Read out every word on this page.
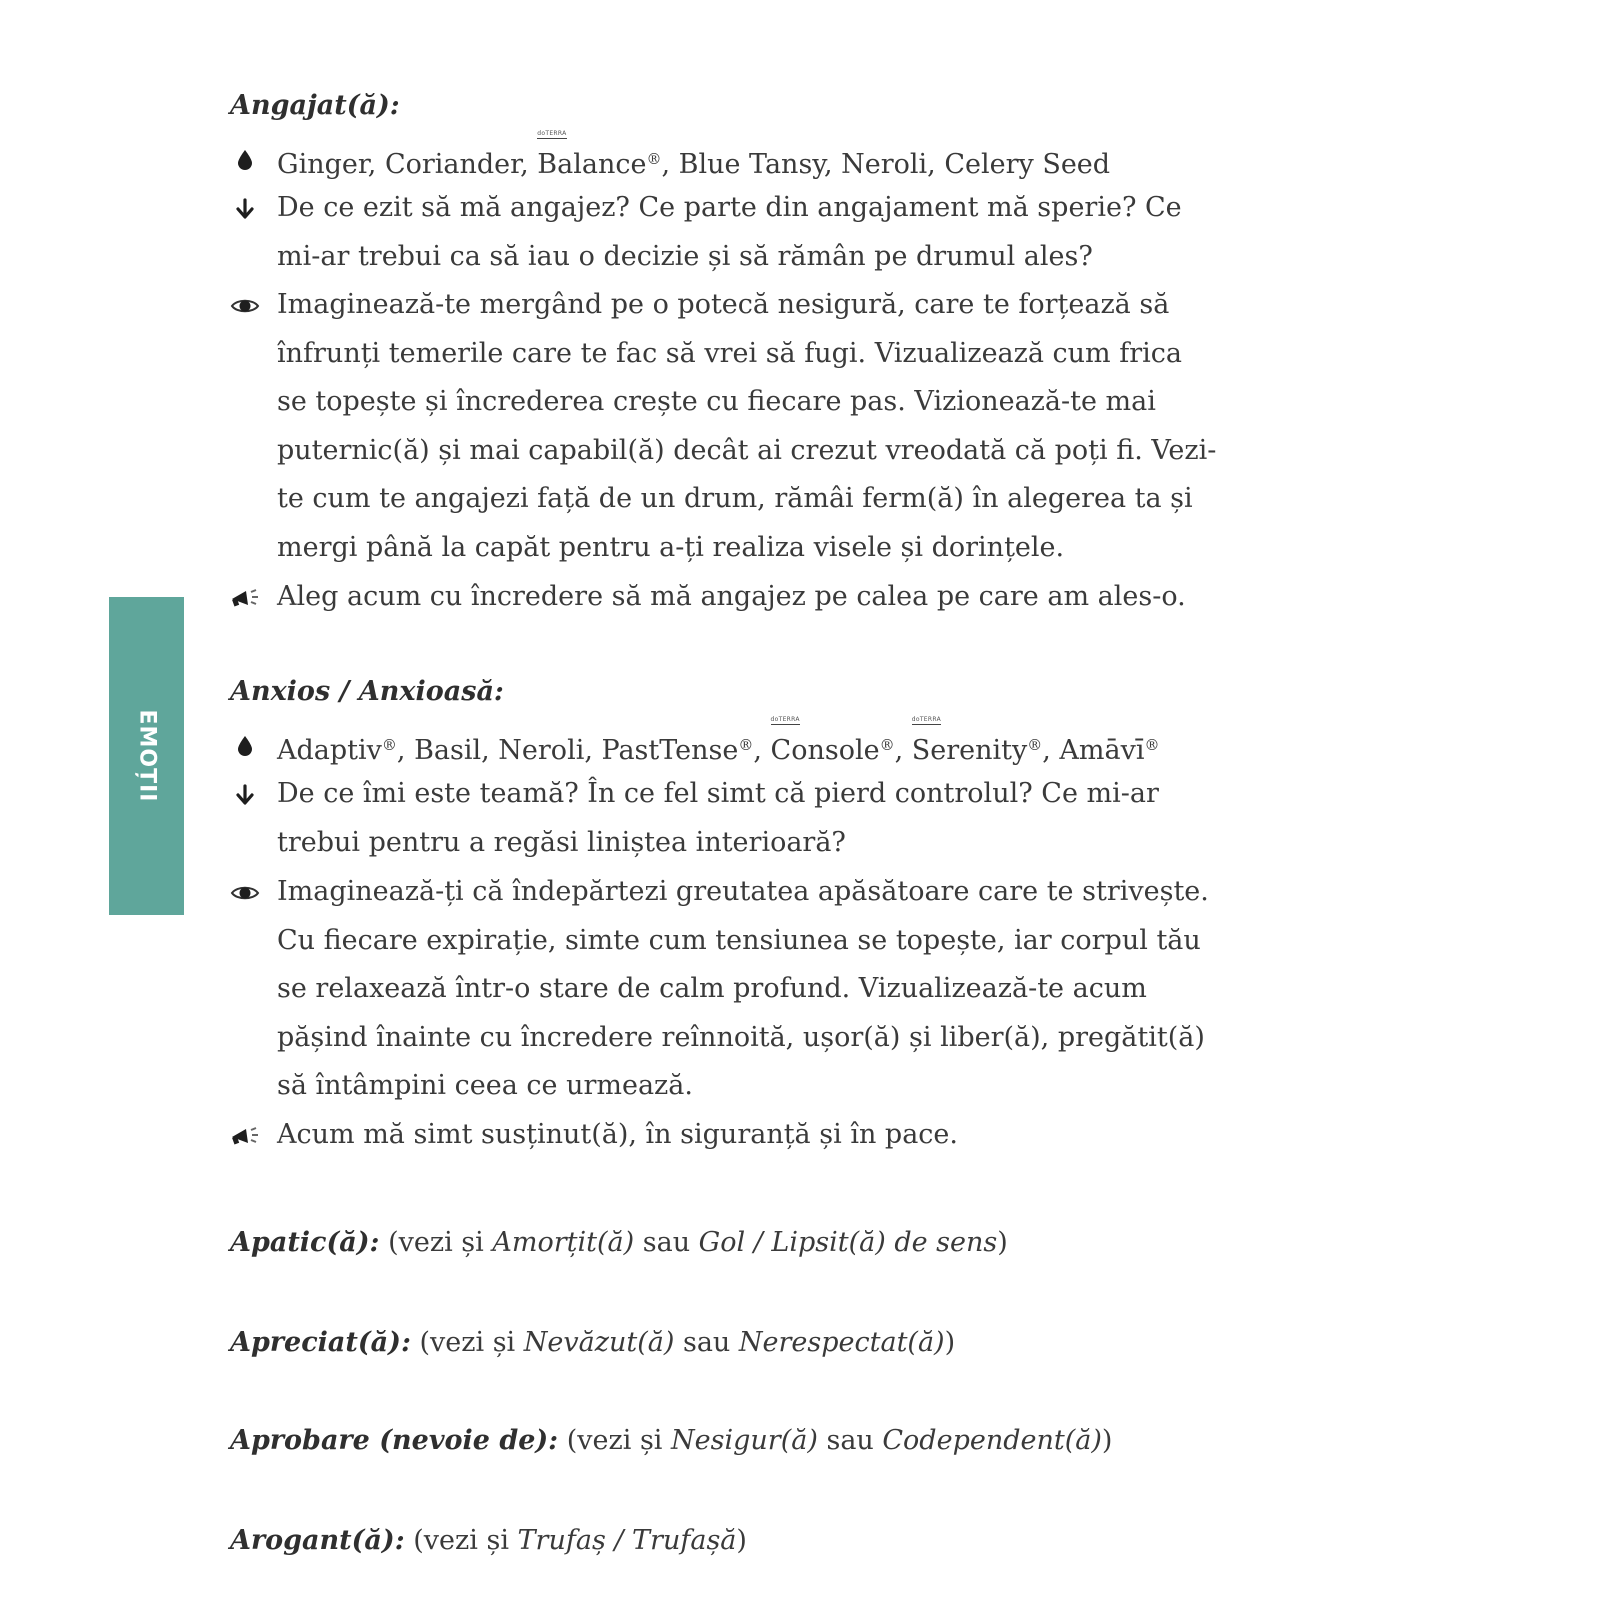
EMOȚII
Angajat(ă):
Ginger, Coriander,
doTERRA
Balance®, Blue Tansy, Neroli, Celery Seed
De ce ezit să mă angajez? Ce parte din angajament mă sperie? Ce
mi-ar trebui ca să iau o decizie și să rămân pe drumul ales?
Imaginează-te mergând pe o potecă nesigură, care te forțează să
înfrunți temerile care te fac să vrei să fugi. Vizualizează cum frica
se topește și încrederea crește cu fiecare pas. Vizionează-te mai
puternic(ă) și mai capabil(ă) decât ai crezut vreodată că poți fi. Vezi-
te cum te angajezi față de un drum, rămâi ferm(ă) în alegerea ta și
mergi până la capăt pentru a-ți realiza visele și dorințele.
Aleg acum cu încredere să mă angajez pe calea pe care am ales-o.
Anxios / Anxioasă:
Adaptiv®, Basil, Neroli, PastTense®,
doTERRA
Console®,
doTERRA
Serenity®, Amāvī®
De ce îmi este teamă? În ce fel simt că pierd controlul? Ce mi-ar
trebui pentru a regăsi liniștea interioară?
Imaginează-ți că îndepărtezi greutatea apăsătoare care te strivește.
Cu fiecare expirație, simte cum tensiunea se topește, iar corpul tău
se relaxează într-o stare de calm profund. Vizualizează-te acum
pășind înainte cu încredere reînnoită, ușor(ă) și liber(ă), pregătit(ă)
să întâmpini ceea ce urmează.
Acum mă simt susținut(ă), în siguranță și în pace.
Apatic(ă): (vezi și Amorțit(ă) sau Gol / Lipsit(ă) de sens)
Apreciat(ă): (vezi și Nevăzut(ă) sau Nerespectat(ă))
Aprobare (nevoie de): (vezi și Nesigur(ă) sau Codependent(ă))
Arogant(ă): (vezi și Trufaș / Trufașă)
